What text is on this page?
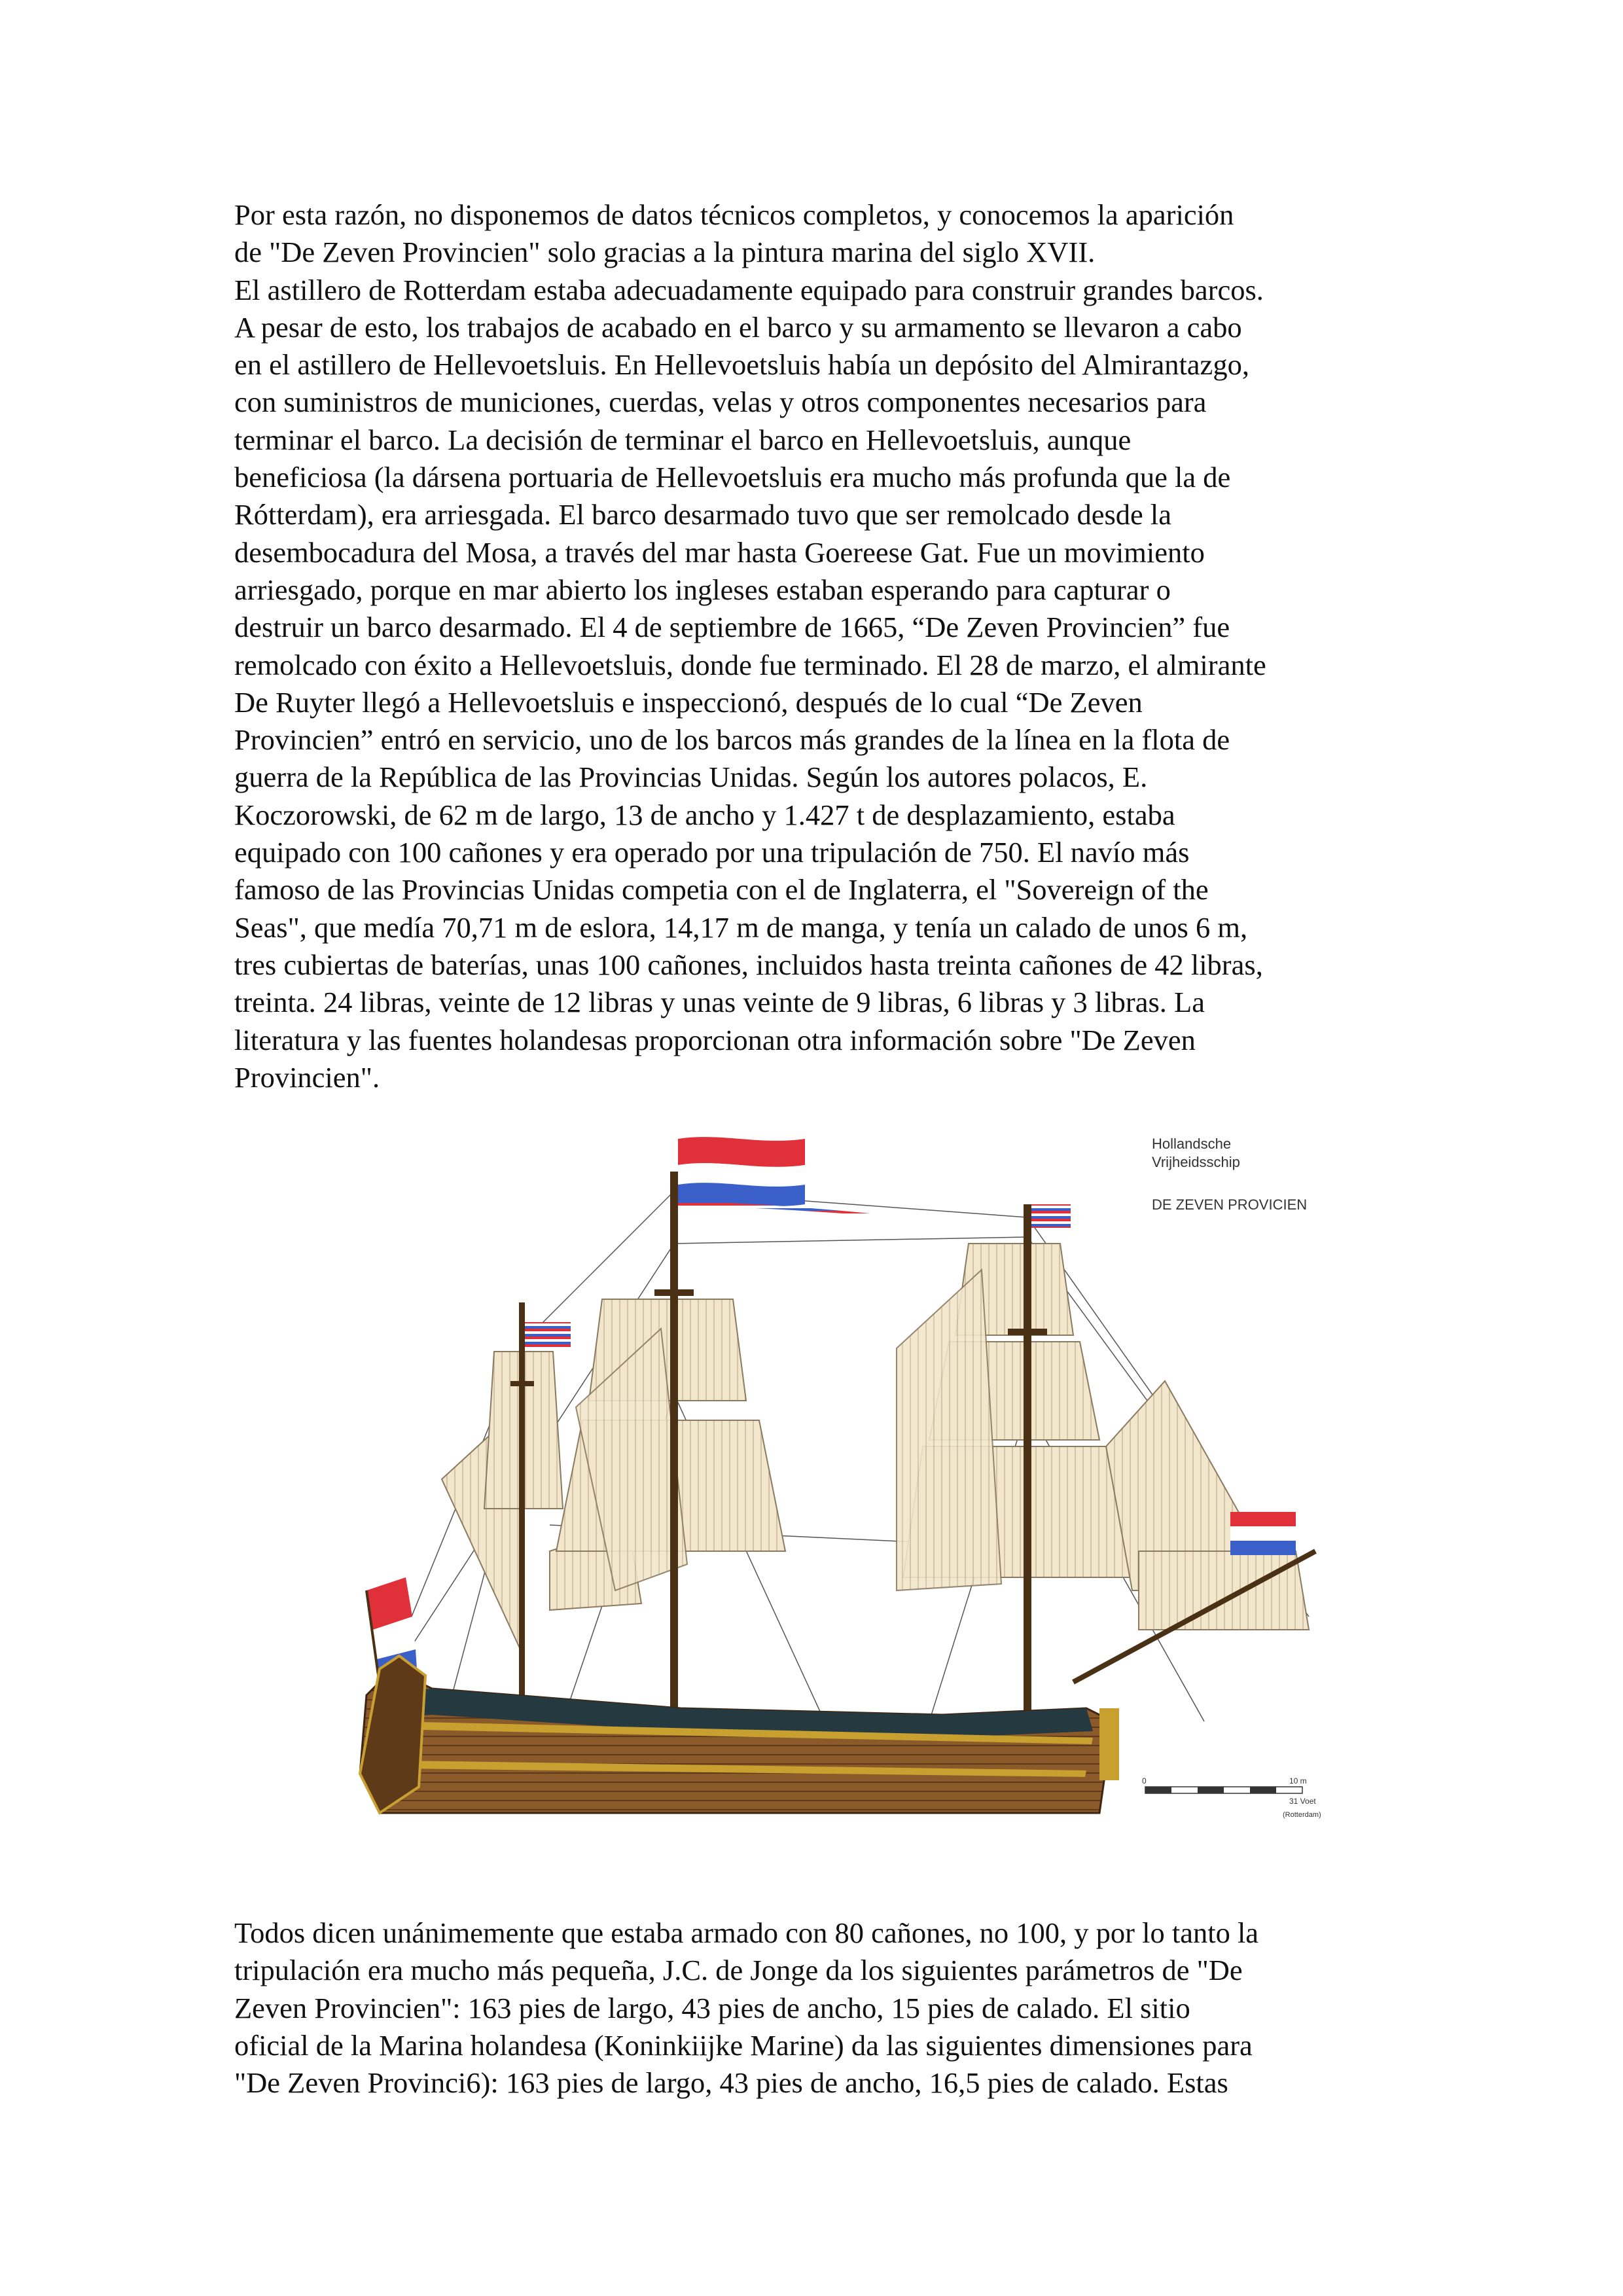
Por esta razón, no disponemos de datos técnicos completos, y conocemos la aparición
de "De Zeven Provincien" solo gracias a la pintura marina del siglo XVII.
El astillero de Rotterdam estaba adecuadamente equipado para construir grandes barcos.
A pesar de esto, los trabajos de acabado en el barco y su armamento se llevaron a cabo
en el astillero de Hellevoetsluis. En Hellevoetsluis había un depósito del Almirantazgo,
con suministros de municiones, cuerdas, velas y otros componentes necesarios para
terminar el barco. La decisión de terminar el barco en Hellevoetsluis, aunque
beneficiosa (la dársena portuaria de Hellevoetsluis era mucho más profunda que la de
Rótterdam), era arriesgada. El barco desarmado tuvo que ser remolcado desde la
desembocadura del Mosa, a través del mar hasta Goereese Gat. Fue un movimiento
arriesgado, porque en mar abierto los ingleses estaban esperando para capturar o
destruir un barco desarmado. El 4 de septiembre de 1665, “De Zeven Provincien” fue
remolcado con éxito a Hellevoetsluis, donde fue terminado. El 28 de marzo, el almirante
De Ruyter llegó a Hellevoetsluis e inspeccionó, después de lo cual “De Zeven
Provincien” entró en servicio, uno de los barcos más grandes de la línea en la flota de
guerra de la República de las Provincias Unidas. Según los autores polacos, E.
Koczorowski, de 62 m de largo, 13 de ancho y 1.427 t de desplazamiento, estaba
equipado con 100 cañones y era operado por una tripulación de 750. El navío más
famoso de las Provincias Unidas competia con el de Inglaterra, el "Sovereign of the
Seas", que medía 70,71 m de eslora, 14,17 m de manga, y tenía un calado de unos 6 m,
tres cubiertas de baterías, unas 100 cañones, incluidos hasta treinta cañones de 42 libras,
treinta. 24 libras, veinte de 12 libras y unas veinte de 9 libras, 6 libras y 3 libras. La
literatura y las fuentes holandesas proporcionan otra información sobre "De Zeven
Provincien".
Hollandsche
Vrijheidsschip
DE ZEVEN PROVICIEN
0	10 m
31 Voet
(Rotterdam)
Todos dicen unánimemente que estaba armado con 80 cañones, no 100, y por lo tanto la
tripulación era mucho más pequeña, J.C. de Jonge da los siguientes parámetros de "De
Zeven Provincien": 163 pies de largo, 43 pies de ancho, 15 pies de calado. El sitio
oficial de la Marina holandesa (Koninkiijke Marine) da las siguientes dimensiones para
"De Zeven Provinci6): 163 pies de largo, 43 pies de ancho, 16,5 pies de calado. Estas
